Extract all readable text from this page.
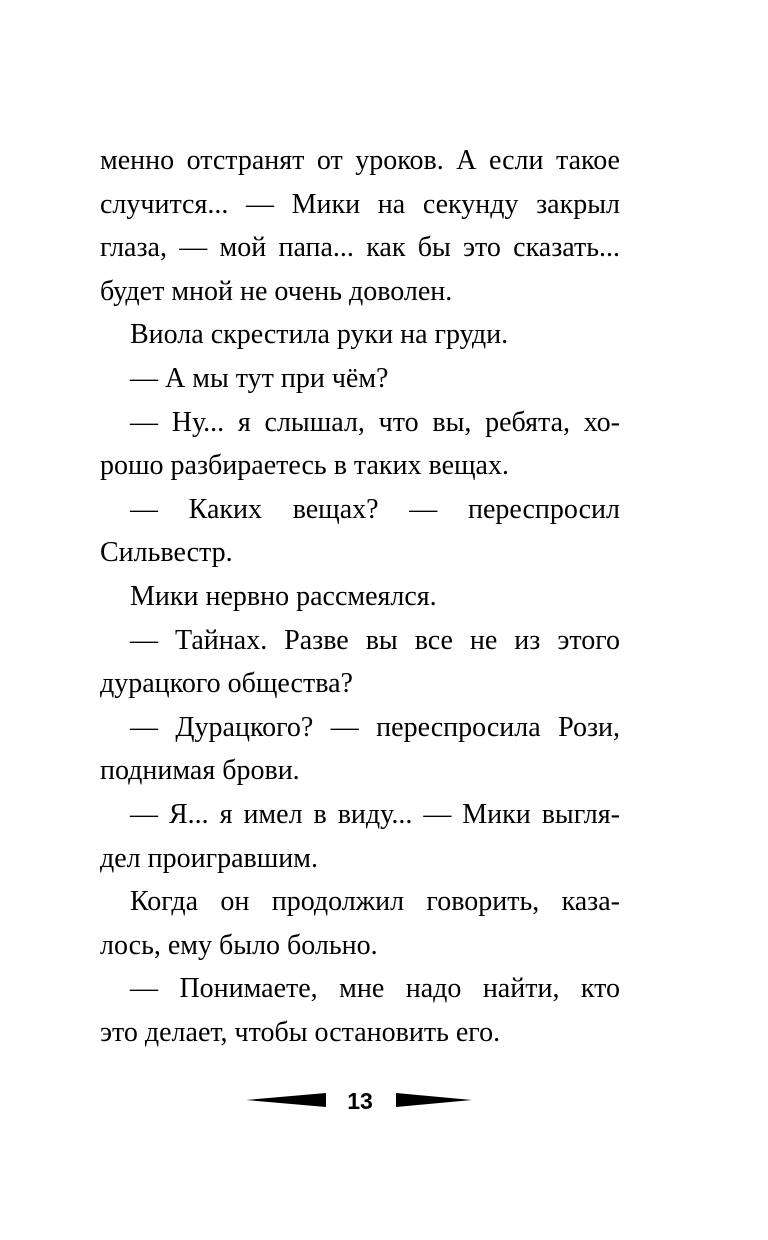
менно отстранят от уроков. А если такое
случится... — Мики на секунду закрыл
глаза, — мой папа... как бы это сказать...
будет мной не очень доволен.
Виола скрестила руки на груди.
— А мы тут при чём?
— Ну... я слышал, что вы, ребята, хо-
рошо разбираетесь в таких вещах.
— Каких вещах? — переспросил
Сильвестр.
Мики нервно рассмеялся.
— Тайнах. Разве вы все не из этого
дурацкого общества?
— Дурацкого? — переспросила Рози,
поднимая брови.
— Я... я имел в виду... — Мики выгля-
дел проигравшим.
Когда он продолжил говорить, каза-
лось, ему было больно.
— Понимаете, мне надо найти, кто
это делает, чтобы остановить его.
13
